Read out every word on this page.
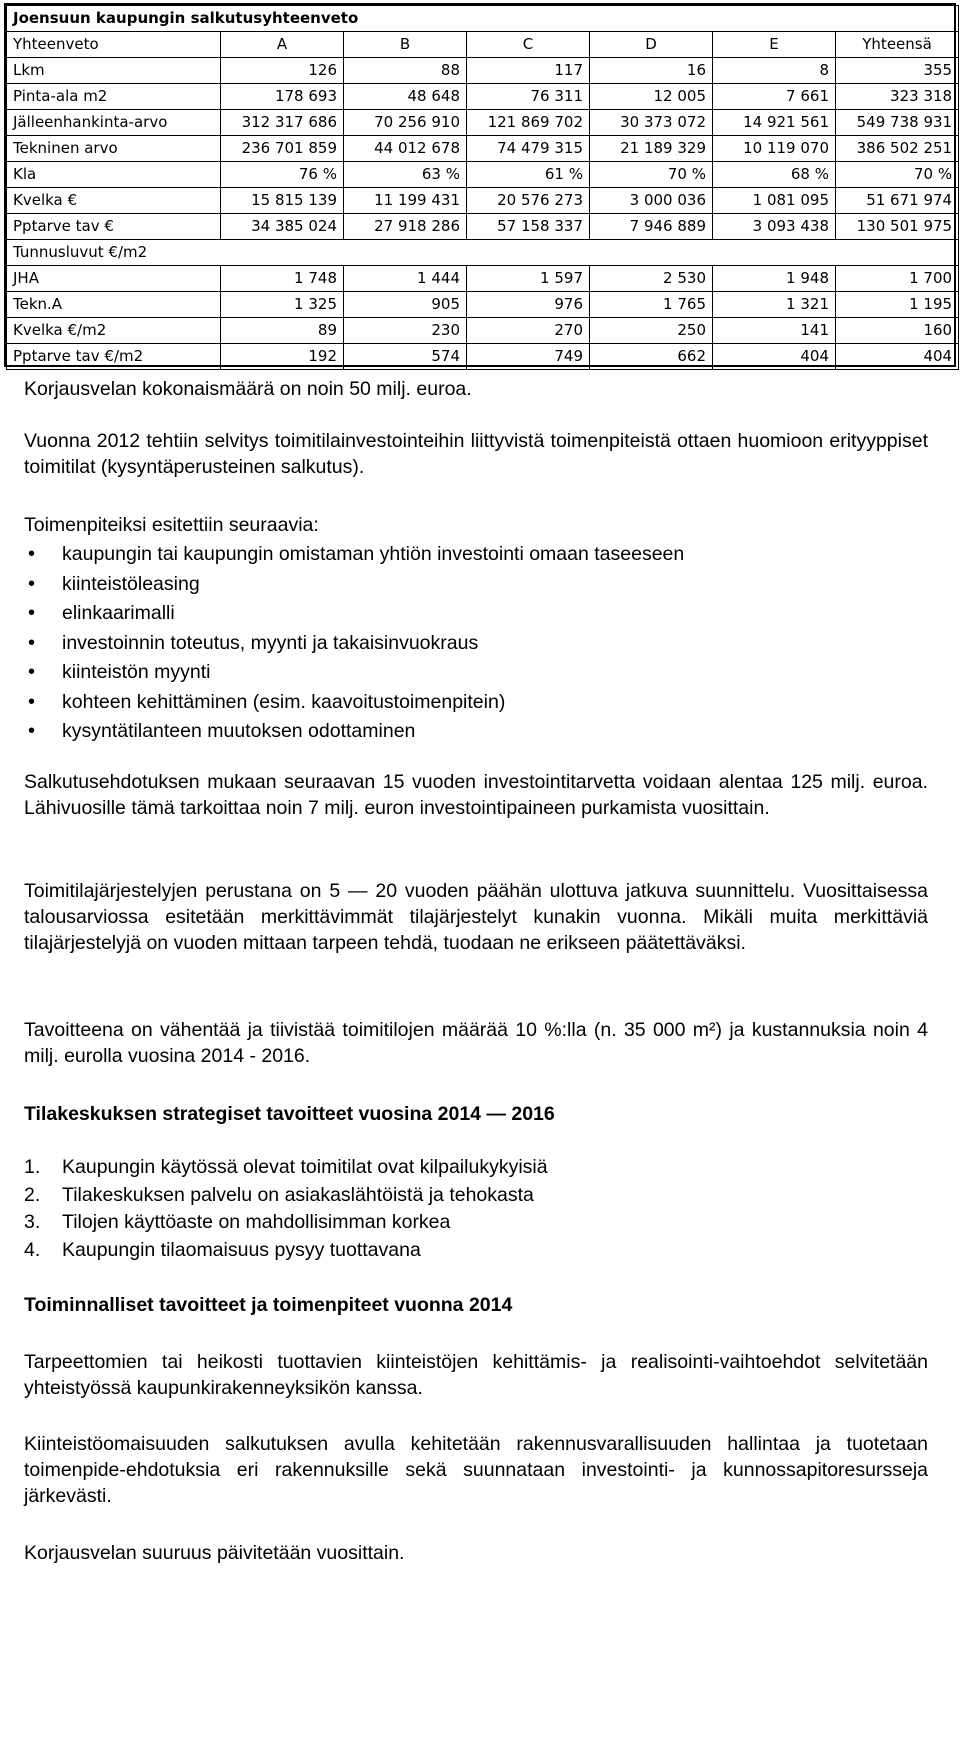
Joensuun kaupungin salkutusyhteenveto						
Yhteenveto	A	B	C	D	E	Yhteensä
Lkm	126	88	117	16	8	355
Pinta-ala m2	178 693	48 648	76 311	12 005	7 661	323 318
Jälleenhankinta-arvo	312 317 686	70 256 910	121 869 702	30 373 072	14 921 561	549 738 931
Tekninen arvo	236 701 859	44 012 678	74 479 315	21 189 329	10 119 070	386 502 251
Kla	76 %	63 %	61 %	70 %	68 %	70 %
Kvelka €	15 815 139	11 199 431	20 576 273	3 000 036	1 081 095	51 671 974
Pptarve tav €	34 385 024	27 918 286	57 158 337	7 946 889	3 093 438	130 501 975
Tunnusluvut €/m2						
JHA	1 748	1 444	1 597	2 530	1 948	1 700
Tekn.A	1 325	905	976	1 765	1 321	1 195
Kvelka €/m2	89	230	270	250	141	160
Pptarve tav €/m2	192	574	749	662	404	404

Korjausvelan kokonaismäärä on noin 50 milj. euroa.

Vuonna 2012 tehtiin selvitys toimitilainvestointeihin liittyvistä toimenpiteistä ottaen huomioon erityyppiset toimitilat (kysyntäperusteinen salkutus).

Toimenpiteiksi esitettiin seuraavia:

• kaupungin tai kaupungin omistaman yhtiön investointi omaan taseeseen
• kiinteistöleasing
• elinkaarimalli
• investoinnin toteutus, myynti ja takaisinvuokraus
• kiinteistön myynti
• kohteen kehittäminen (esim. kaavoitustoimenpitein)
• kysyntätilanteen muutoksen odottaminen

Salkutusehdotuksen mukaan seuraavan 15 vuoden investointitarvetta voidaan alentaa 125 milj. euroa. Lähivuosille tämä tarkoittaa noin 7 milj. euron investointipaineen purkamista vuosittain.

Toimitilajärjestelyjen perustana on 5 — 20 vuoden päähän ulottuva jatkuva suunnittelu. Vuosittaisessa talousarviossa esitetään merkittävimmät tilajärjestelyt kunakin vuonna. Mikäli muita merkittäviä tilajärjestelyjä on vuoden mittaan tarpeen tehdä, tuodaan ne erikseen päätettäväksi.

Tavoitteena on vähentää ja tiivistää toimitilojen määrää 10 %:lla (n. 35 000 m²) ja kustannuksia noin 4 milj. eurolla vuosina 2014 - 2016.

Tilakeskuksen strategiset tavoitteet vuosina 2014 — 2016

1.	Kaupungin käytössä olevat toimitilat ovat kilpailukykyisiä
2.	Tilakeskuksen palvelu on asiakaslähtöistä ja tehokasta
3.	Tilojen käyttöaste on mahdollisimman korkea
4.	Kaupungin tilaomaisuus pysyy tuottavana

Toiminnalliset tavoitteet ja toimenpiteet vuonna 2014

Tarpeettomien tai heikosti tuottavien kiinteistöjen kehittämis- ja realisointi-vaihtoehdot selvitetään yhteistyössä kaupunkirakenneyksikön kanssa.

Kiinteistöomaisuuden salkutuksen avulla kehitetään rakennusvarallisuuden hallintaa ja tuotetaan toimenpide-ehdotuksia eri rakennuksille sekä suunnataan investointi- ja kunnossapitoresursseja järkevästi.

Korjausvelan suuruus päivitetään vuosittain.
